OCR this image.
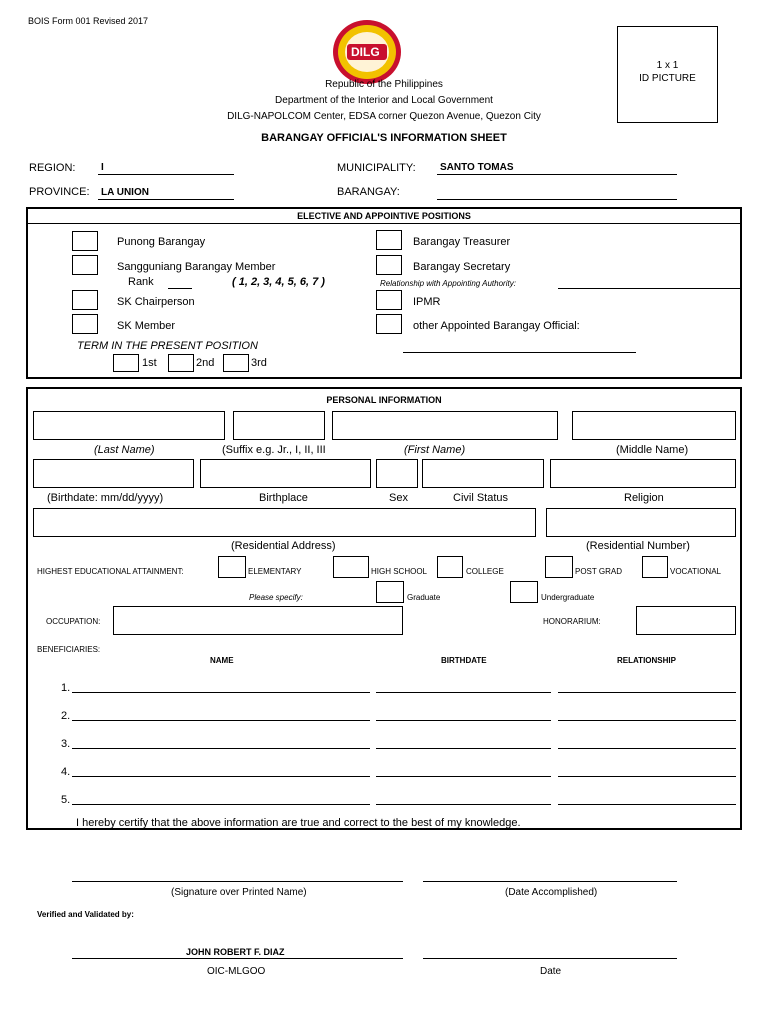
BOIS Form 001 Revised 2017
DILG
1 x 1
ID PICTURE
Republic of the Philippines
Department of the Interior and Local Government
DILG-NAPOLCOM Center, EDSA corner Quezon Avenue, Quezon City
BARANGAY OFFICIAL'S INFORMATION SHEET
REGION:	I	MUNICIPALITY: SANTO TOMAS
PROVINCE: LA UNION	BARANGAY:
ELECTIVE AND APPOINTIVE POSITIONS
Punong Barangay
Sangguniang Barangay Member
Rank	( 1, 2, 3, 4, 5, 6, 7 )
SK Chairperson
SK Member
Barangay Treasurer
Barangay Secretary
Relationship with Appointing Authority:
IPMR
other Appointed Barangay Official:
TERM IN THE PRESENT POSITION
1st	2nd	3rd
PERSONAL INFORMATION
(Last Name)	(Suffix e.g. Jr., I, II, III	(First Name)	(Middle Name)
(Birthdate: mm/dd/yyyy)	Birthplace	Sex	Civil Status	Religion
(Residential Address)	(Residential Number)
HIGHEST EDUCATIONAL ATTAINMENT:	ELEMENTARY	HIGH SCHOOL	COLLEGE	POST GRAD	VOCATIONAL
Please specify:	Graduate	Undergraduate
OCCUPATION:	HONORARIUM:
BENEFICIARIES:
NAME	BIRTHDATE	RELATIONSHIP
1.
2.
3.
4.
5.
I hereby certify that the above information are true and correct to the best of my knowledge.
(Signature over Printed Name)	(Date Accomplished)
Verified and Validated by:
JOHN ROBERT F. DIAZ
OIC-MLGOO	Date
